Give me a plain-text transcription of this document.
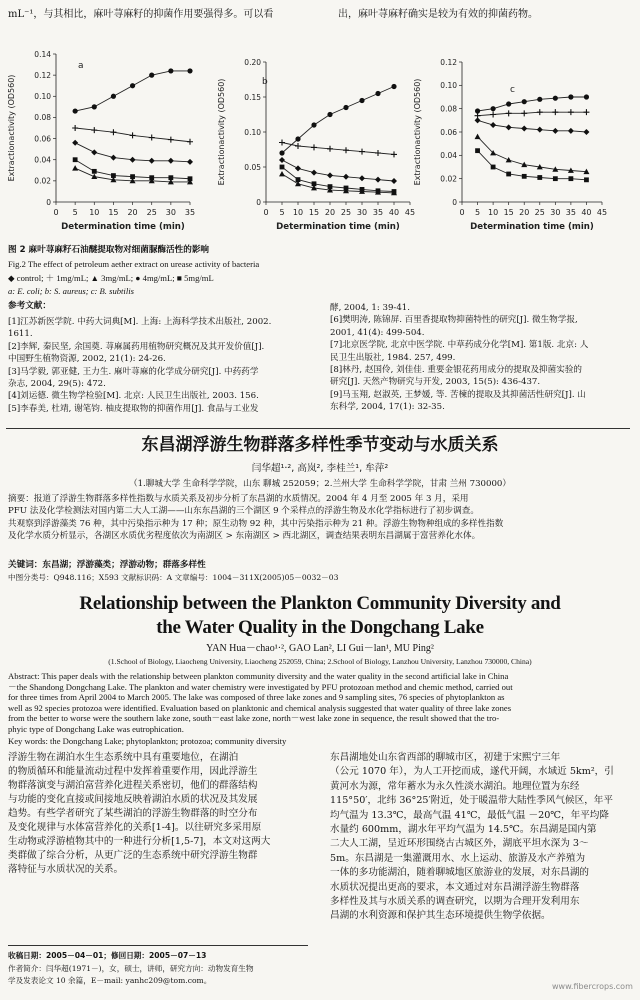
mL⁻¹，与其相比，麻叶荨麻籽的抑菌作用要强得多。可以看	出，麻叶荨麻籽确实是较为有效的抑菌药物。
0
0.02
0.04
0.06
0.08
0.10
0.12
0.14
0 5 10 15 20 25 30 35
Determination time (min)
Extractionactivity (OD560)
a
0
0.05
0.10
0.15
0.20
0 5 10 15 20 25 30 35 40 45
Determination time (min)
Extractionactivity (OD560)	b
0
0.02
0.04
0.06
0.08
0.10
0.12
0 5 10 15 20 25 30 35 40 45
Determination time (min)
Extractionactivity (OD560)	c
图 2 麻叶荨麻籽石油醚提取物对细菌脲酶活性的影响
Fig.2 The effect of petroleum aether extract on urease activity of bacteria
◆ control; ＋ 1mg/mL; ▲ 3mg/mL; ● 4mg/mL; ■ 5mg/mL
a: E. coli; b: S. aureus; c: B. subtilis
参考文献：
[1]江苏新医学院. 中药大词典[M]. 上海: 上海科学技术出版社, 2002.
1611.
[2]李辉, 秦民坚, 余国奠. 荨麻属药用植物研究概况及其开发价值[J].
中国野生植物资源, 2002, 21(1): 24-26.
[3]马学毅, 郭亚健, 王力生. 麻叶荨麻的化学成分研究[J]. 中药药学
杂志, 2004, 29(5): 472.
[4]刘运德. 微生物学检验[M]. 北京: 人民卫生出版社, 2003. 156.
[5]李春美, 杜靖, 谢笔钧. 柚皮提取物的抑菌作用[J]. 食品与工业发
酵, 2004, 1: 39-41.
[6]樊明涛, 陈锦屏. 百里香提取物抑菌特性的研究[J]. 微生物学报,
2001, 41(4): 499-504.
[7]北京医学院, 北京中医学院. 中草药成分化学[M]. 第1版. 北京: 人
民卫生出版社, 1984. 257, 499.
[8]林丹, 赵国伶, 刘佳佳. 重要金银花药用成分的提取及抑菌实验的
研究[J]. 天然产物研究与开发, 2003, 15(5): 436-437.
[9]马玉翔, 赵淑英, 王梦媛, 等. 苦楝的提取及其抑菌活性研究[J]. 山
东科学, 2004, 17(1): 32-35.
东昌湖浮游生物群落多样性季节变动与水质关系
闫华超¹·², 高岚², 李桂兰¹, 牟萍²
（1.聊城大学 生命科学学院，山东 聊城 252059；2.兰州大学 生命科学学院，甘肃 兰州 730000）
摘要：报道了浮游生物群落多样性指数与水质关系及初步分析了东昌湖的水质情况。2004 年 4 月至 2005 年 3 月，采用
PFU 法及化学检测法对国内第二大人工湖——山东东昌湖的三个湖区 9 个采样点的浮游生物及水化学指标进行了初步调查。
共观察到浮游藻类 76 种，其中污染指示种为 17 种；原生动物 92 种，其中污染指示种为 21 种。浮游生物物种组成的多样性指数
及化学水质分析显示，各湖区水质优劣程度依次为南湖区 > 东南湖区 > 西北湖区，调查结果表明东昌湖属于富营养化水体。
关键词：东昌湖；浮游藻类；浮游动物；群落多样性
中图分类号：Q948.116；X593 文献标识码：A 文章编号：1004－311X(2005)05－0032－03
Relationship between the Plankton Community Diversity and
the Water Quality in the Dongchang Lake
YAN Hua－chao¹·², GAO Lan², LI Gui－lan¹, MU Ping²
(1.School of Biology, Liaocheng University, Liaocheng 252059, China; 2.School of Biology, Lanzhou University, Lanzhou 730000, China)
Abstract: This paper deals with the relationship between plankton community diversity and the water quality in the second artificial lake in China
－the Shandong Dongchang Lake. The plankton and water chemistry were investigated by PFU protozoan method and chemic method, carried out
for three times from April 2004 to March 2005. The lake was composed of three lake zones and 9 sampling sites, 76 species of phytoplankton as
well as 92 species protozoa were identified. Evaluation based on planktonic and chemical analysis suggested that water quality of three lake zones
from the better to worse were the southern lake zone, south－east lake zone, north－west lake zone in sequence, the result showed that the tro-
phyic type of Dongchang Lake was eutrophication.
Key words: the Dongchang Lake; phytoplankton; protozoa; community diversity
浮游生物在湖泊水生生态系统中具有重要地位，在湖泊
的物质循环和能量流动过程中发挥着重要作用，因此浮游生
物群落演变与湖泊富营养化进程关系密切，他们的群落结构
与功能的变化直接或间接地反映着湖泊水质的状况及其发展
趋势。有些学者研究了某些湖泊的浮游生物群落的时空分布
及变化规律与水体富营养化的关系[1-4]。以往研究多采用原
生动物或浮游植物其中的一种进行分析[1,5-7]，本文对这两大
类群做了综合分析，从更广泛的生态系统中研究浮游生物群
落特征与水质状况的关系。
东昌湖地处山东省西部的聊城市区，初建于宋熙宁三年
（公元 1070 年），为人工开挖而成，遂代开阔，水域近 5km²，引
黄河水为源，常年蓄水为永久性淡水湖泊。地理位置为东经
115°50′，北纬 36°25′附近，处于暖温带大陆性季风气候区，年平
均气温为 13.3℃，最高气温 41℃，最低气温 －20℃，年平均降
水量约 600mm，湖水年平均气温为 14.5℃。东昌湖是国内第
二大人工湖，呈近环形围绕古古城区外，湖底平坦水深为 3～
5m。东昌湖是一集灌溉用水、水上运动、旅游及水产养殖为
一体的多功能湖泊，随着聊城地区旅游业的发展，对东昌湖的
水质状况提出更高的要求，本文通过对东昌湖浮游生物群落
多样性及其与水质关系的调查研究，以期为合理开发利用东
昌湖的水利资源和保护其生态环境提供生物学依据。
收稿日期：2005－04－01；修回日期：2005－07－13
作者简介：闫华超(1971－)，女，硕士，讲师，研究方向：动物发育生物
学及发表论文 10 余篇，E－mail: yanhc209@tom.com。
www.fibercrops.com
